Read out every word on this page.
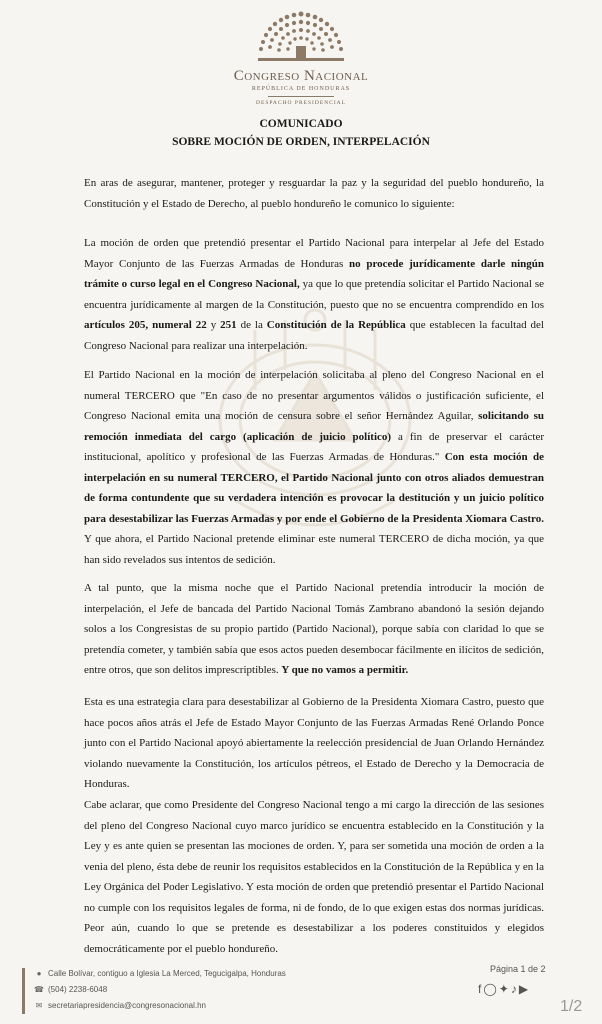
Congreso Nacional
REPÚBLICA DE HONDURAS
DESPACHO PRESIDENCIAL
COMUNICADO
SOBRE MOCIÓN DE ORDEN, INTERPELACIÓN
En aras de asegurar, mantener, proteger y resguardar la paz y la seguridad del pueblo hondureño, la Constitución y el Estado de Derecho, al pueblo hondureño le comunico lo siguiente:
La moción de orden que pretendió presentar el Partido Nacional para interpelar al Jefe del Estado Mayor Conjunto de las Fuerzas Armadas de Honduras no procede jurídicamente darle ningún trámite o curso legal en el Congreso Nacional, ya que lo que pretendía solicitar el Partido Nacional se encuentra jurídicamente al margen de la Constitución, puesto que no se encuentra comprendido en los artículos 205, numeral 22 y 251 de la Constitución de la República que establecen la facultad del Congreso Nacional para realizar una interpelación.
El Partido Nacional en la moción de interpelación solicitaba al pleno del Congreso Nacional en el numeral TERCERO que "En caso de no presentar argumentos válidos o justificación suficiente, el Congreso Nacional emita una moción de censura sobre el señor Hernández Aguilar, solicitando su remoción inmediata del cargo (aplicación de juicio político) a fin de preservar el carácter institucional, apolítico y profesional de las Fuerzas Armadas de Honduras." Con esta moción de interpelación en su numeral TERCERO, el Partido Nacional junto con otros aliados demuestran de forma contundente que su verdadera intención es provocar la destitución y un juicio político para desestabilizar las Fuerzas Armadas y por ende el Gobierno de la Presidenta Xiomara Castro. Y que ahora, el Partido Nacional pretende eliminar este numeral TERCERO de dicha moción, ya que han sido revelados sus intentos de sedición.
A tal punto, que la misma noche que el Partido Nacional pretendía introducir la moción de interpelación, el Jefe de bancada del Partido Nacional Tomás Zambrano abandonó la sesión dejando solos a los Congresistas de su propio partido (Partido Nacional), porque sabía con claridad lo que se pretendía cometer, y también sabía que esos actos pueden desembocar fácilmente en ilícitos de sedición, entre otros, que son delitos imprescriptibles. Y que no vamos a permitir.
Esta es una estrategia clara para desestabilizar al Gobierno de la Presidenta Xiomara Castro, puesto que hace pocos años atrás el Jefe de Estado Mayor Conjunto de las Fuerzas Armadas René Orlando Ponce junto con el Partido Nacional apoyó abiertamente la reelección presidencial de Juan Orlando Hernández violando nuevamente la Constitución, los artículos pétreos, el Estado de Derecho y la Democracia de Honduras.
Cabe aclarar, que como Presidente del Congreso Nacional tengo a mi cargo la dirección de las sesiones del pleno del Congreso Nacional cuyo marco jurídico se encuentra establecido en la Constitución y la Ley y es ante quien se presentan las mociones de orden. Y, para ser sometida una moción de orden a la venia del pleno, ésta debe de reunir los requisitos establecidos en la Constitución de la República y en la Ley Orgánica del Poder Legislativo. Y esta moción de orden que pretendió presentar el Partido Nacional no cumple con los requisitos legales de forma, ni de fondo, de lo que exigen estas dos normas jurídicas. Peor aún, cuando lo que se pretende es desestabilizar a los poderes constituidos y elegidos democráticamente por el pueblo hondureño.
● Calle Bolívar, contiguo a Iglesia La Merced, Tegucigalpa, Honduras
☎ (504) 2238-6048
✉ secretariapresidencia@congresonacional.hn
Página 1 de 2
f◯✦♪▶
1/2
